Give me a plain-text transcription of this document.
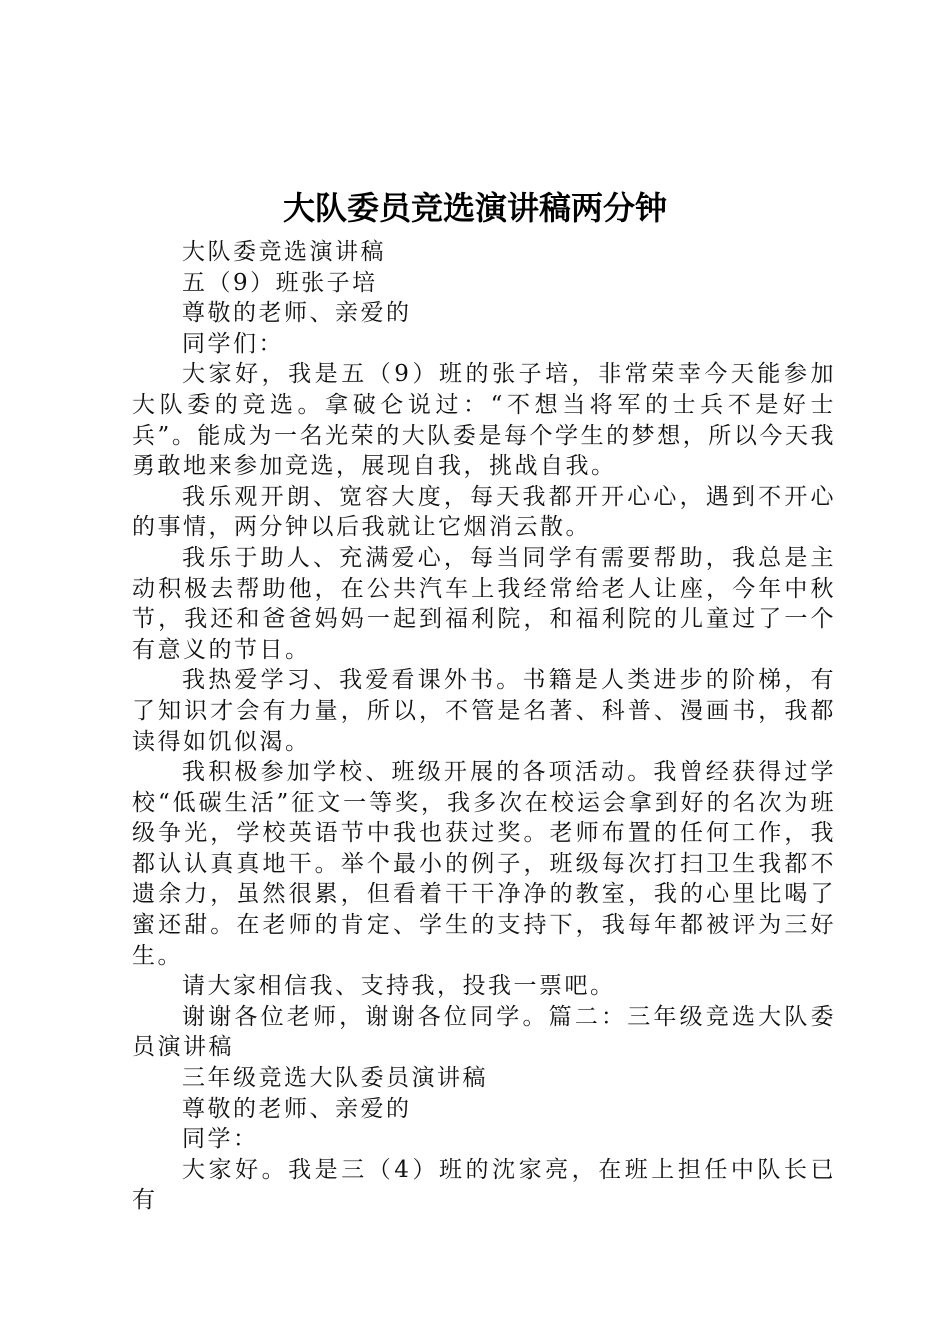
大队委员竞选演讲稿两分钟

大队委竞选演讲稿

五（9）班张子培

尊敬的老师、亲爱的

同学们：

大家好，我是五（9）班的张子培，非常荣幸今天能参加大队委的竞选。拿破仑说过：“不想当将军的士兵不是好士兵”。能成为一名光荣的大队委是每个学生的梦想，所以今天我勇敢地来参加竞选，展现自我，挑战自我。

我乐观开朗、宽容大度，每天我都开开心心，遇到不开心的事情，两分钟以后我就让它烟消云散。

我乐于助人、充满爱心，每当同学有需要帮助，我总是主动积极去帮助他，在公共汽车上我经常给老人让座，今年中秋节，我还和爸爸妈妈一起到福利院，和福利院的儿童过了一个有意义的节日。

我热爱学习、我爱看课外书。书籍是人类进步的阶梯，有了知识才会有力量，所以，不管是名著、科普、漫画书，我都读得如饥似渴。

我积极参加学校、班级开展的各项活动。我曾经获得过学校“低碳生活”征文一等奖，我多次在校运会拿到好的名次为班级争光，学校英语节中我也获过奖。老师布置的任何工作，我都认认真真地干。举个最小的例子，班级每次打扫卫生我都不遗余力，虽然很累，但看着干干净净的教室，我的心里比喝了蜜还甜。在老师的肯定、学生的支持下，我每年都被评为三好生。

请大家相信我、支持我，投我一票吧。

谢谢各位老师，谢谢各位同学。篇二：三年级竞选大队委员演讲稿

三年级竞选大队委员演讲稿

尊敬的老师、亲爱的

同学：

大家好。我是三（4）班的沈家亮，在班上担任中队长已有
